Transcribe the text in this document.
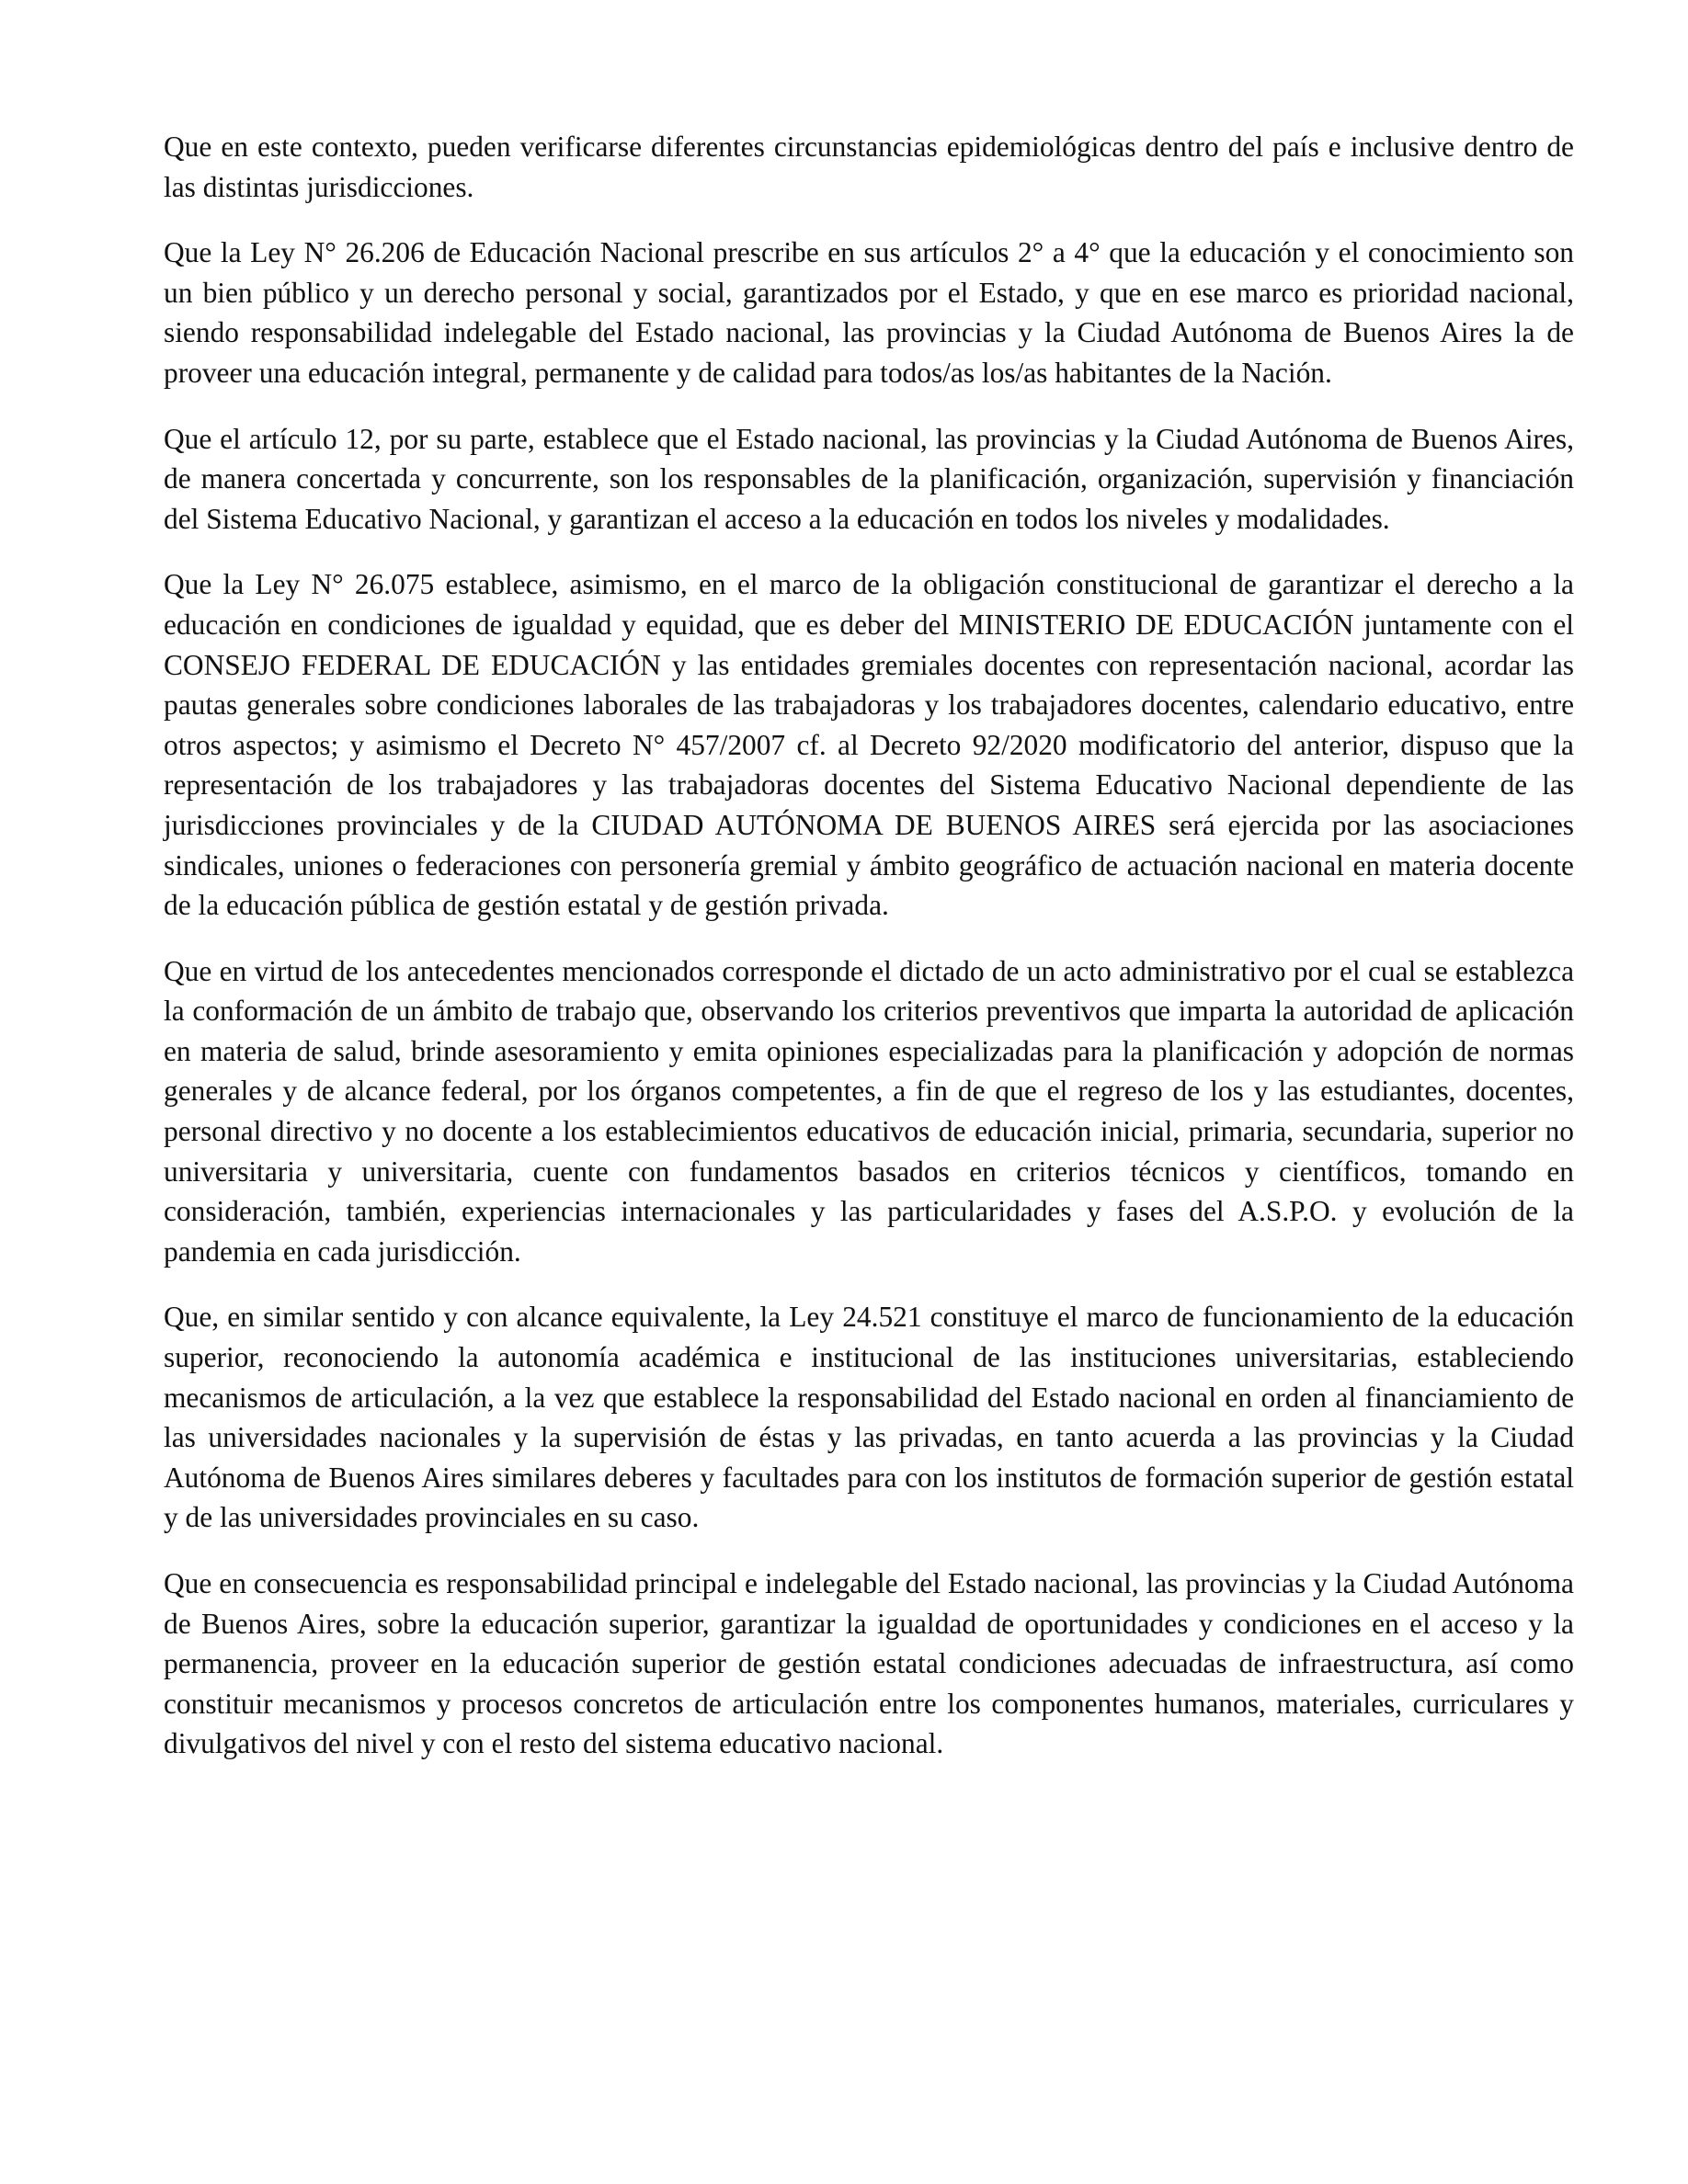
Que en este contexto, pueden verificarse diferentes circunstancias epidemiológicas dentro del país e inclusive dentro de las distintas jurisdicciones.

Que la Ley N° 26.206 de Educación Nacional prescribe en sus artículos 2° a 4° que la educación y el conocimiento son un bien público y un derecho personal y social, garantizados por el Estado, y que en ese marco es prioridad nacional, siendo responsabilidad indelegable del Estado nacional, las provincias y la Ciudad Autónoma de Buenos Aires la de proveer una educación integral, permanente y de calidad para todos/as los/as habitantes de la Nación.

Que el artículo 12, por su parte, establece que el Estado nacional, las provincias y la Ciudad Autónoma de Buenos Aires, de manera concertada y concurrente, son los responsables de la planificación, organización, supervisión y financiación del Sistema Educativo Nacional, y garantizan el acceso a la educación en todos los niveles y modalidades.

Que la Ley N° 26.075 establece, asimismo, en el marco de la obligación constitucional de garantizar el derecho a la educación en condiciones de igualdad y equidad, que es deber del MINISTERIO DE EDUCACIÓN juntamente con el CONSEJO FEDERAL DE EDUCACIÓN y las entidades gremiales docentes con representación nacional, acordar las pautas generales sobre condiciones laborales de las trabajadoras y los trabajadores docentes, calendario educativo, entre otros aspectos; y asimismo el Decreto N° 457/2007 cf. al Decreto 92/2020 modificatorio del anterior, dispuso que la representación de los trabajadores y las trabajadoras docentes del Sistema Educativo Nacional dependiente de las jurisdicciones provinciales y de la CIUDAD AUTÓNOMA DE BUENOS AIRES será ejercida por las asociaciones sindicales, uniones o federaciones con personería gremial y ámbito geográfico de actuación nacional en materia docente de la educación pública de gestión estatal y de gestión privada.

Que en virtud de los antecedentes mencionados corresponde el dictado de un acto administrativo por el cual se establezca la conformación de un ámbito de trabajo que, observando los criterios preventivos que imparta la autoridad de aplicación en materia de salud, brinde asesoramiento y emita opiniones especializadas para la planificación y adopción de normas generales y de alcance federal, por los órganos competentes, a fin de que el regreso de los y las estudiantes, docentes, personal directivo y no docente a los establecimientos educativos de educación inicial, primaria, secundaria, superior no universitaria y universitaria, cuente con fundamentos basados en criterios técnicos y científicos, tomando en consideración, también, experiencias internacionales y las particularidades y fases del A.S.P.O. y evolución de la pandemia en cada jurisdicción.

Que, en similar sentido y con alcance equivalente, la Ley 24.521 constituye el marco de funcionamiento de la educación superior, reconociendo la autonomía académica e institucional de las instituciones universitarias, estableciendo mecanismos de articulación, a la vez que establece la responsabilidad del Estado nacional en orden al financiamiento de las universidades nacionales y la supervisión de éstas y las privadas, en tanto acuerda a las provincias y la Ciudad Autónoma de Buenos Aires similares deberes y facultades para con los institutos de formación superior de gestión estatal y de las universidades provinciales en su caso.

Que en consecuencia es responsabilidad principal e indelegable del Estado nacional, las provincias y la Ciudad Autónoma de Buenos Aires, sobre la educación superior, garantizar la igualdad de oportunidades y condiciones en el acceso y la permanencia, proveer en la educación superior de gestión estatal condiciones adecuadas de infraestructura, así como constituir mecanismos y procesos concretos de articulación entre los componentes humanos, materiales, curriculares y divulgativos del nivel y con el resto del sistema educativo nacional.
